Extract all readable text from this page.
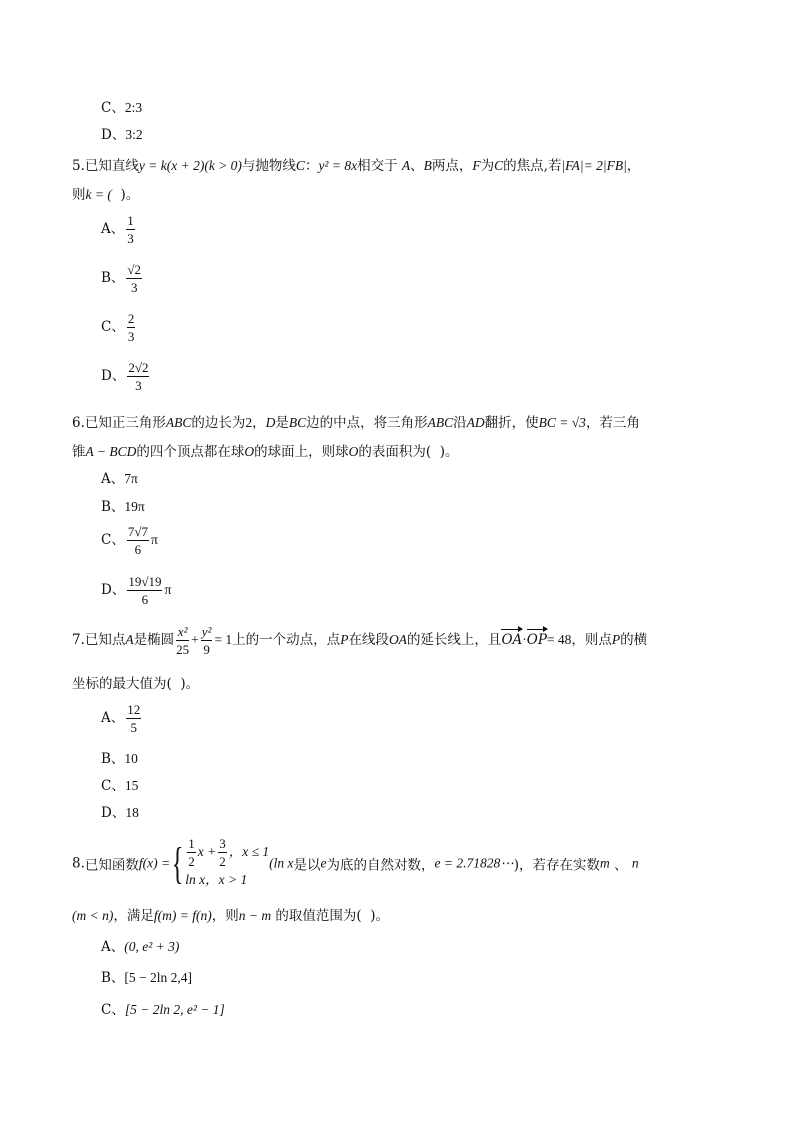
C、2:3
D、3:2
5.已知直线y = k(x + 2)(k > 0)与抛物线C：y² = 8x相交于 A、B两点，F为C的焦点,若|FA|= 2|FB|，
则k = ( )。
A、 $\frac{1}{3}$
B、 $\frac{√2}{3}$
C、 $\frac{2}{3}$
D、 $\frac{2√2}{3}$
6.已知正三角形ABC的边长为2，D是BC边的中点，将三角形ABC沿AD翻折，使BC = √3，若三角
锥A − BCD的四个顶点都在球O的球面上，则球O的表面积为( )。
A、7π
B、19π
C、 $\frac{7√7}{6}$ π
D、 $\frac{19√19}{6}$ π
7.已知点A是椭圆 $\frac{\text{x²}}{25} + \frac{\text{y²}}{9} = 1$上的一个动点，点P在线段OA的延长线上，且OA·OP= 48，则点P的横
坐标的最大值为( )。
A、 $\frac{12}{5}$
B、10
C、15
D、18
8.已知函数f(x) ={ $\frac{1}{2}$ $x + \frac{3}{2}$ ，x ≤ 1
ln x，x > 1
(ln x是以e为底的自然对数，e = 2.71828⋯)，若存在实数m 、 n
(m < n)，满足f(m) = f(n)，则n − m 的取值范围为( )。
A、(0, e² + 3)
B、[5 − 2ln 2,4]
C、[5 − 2ln 2, e² − 1]
